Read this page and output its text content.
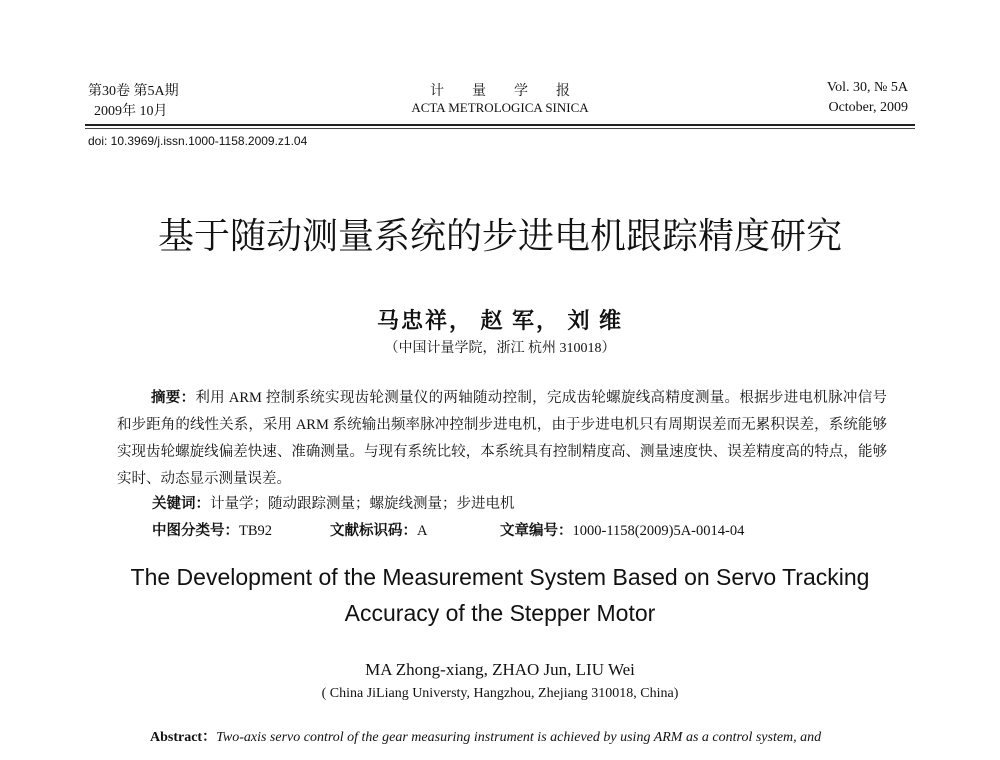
第30卷 第5A期
2009年 10月
计　　量　　学　　报
ACTA METROLOGICA SINICA
Vol. 30, № 5A
October, 2009
doi: 10.3969/j.issn.1000-1158.2009.z1.04
基于随动测量系统的步进电机跟踪精度研究
马忠祥， 赵 军， 刘 维
（中国计量学院，浙江 杭州 310018）
摘要：利用 ARM 控制系统实现齿轮测量仪的两轴随动控制，完成齿轮螺旋线高精度测量。根据步进电机脉冲信号和步距角的线性关系，采用 ARM 系统输出频率脉冲控制步进电机，由于步进电机只有周期误差而无累积误差，系统能够实现齿轮螺旋线偏差快速、准确测量。与现有系统比较，本系统具有控制精度高、测量速度快、误差精度高的特点，能够实时、动态显示测量误差。
关键词：计量学；随动跟踪测量；螺旋线测量；步进电机
中图分类号：TB92	文献标识码：A	文章编号：1000-1158(2009)5A-0014-04
The Development of the Measurement System Based on Servo Tracking
Accuracy of the Stepper Motor
MA Zhong-xiang, ZHAO Jun, LIU Wei
( China JiLiang Universty, Hangzhou, Zhejiang 310018, China)
Abstract：Two-axis servo control of the gear measuring instrument is achieved by using ARM as a control system, and
